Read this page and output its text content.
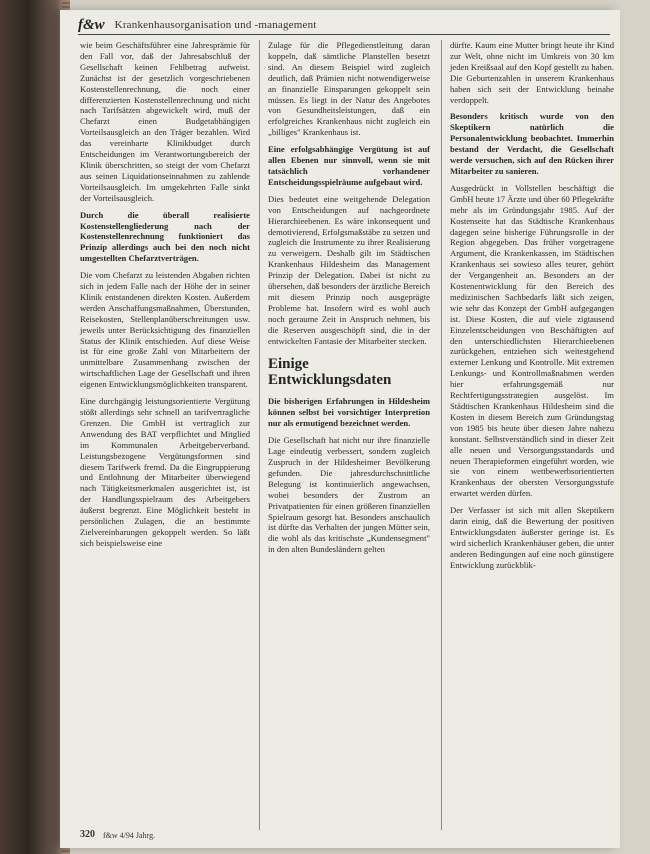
f&w Krankenhausorganisation und -management

wie beim Geschäftsführer eine Jahresprämie für den Fall vor, daß der Jahresabschluß der Gesellschaft keinen Fehlbetrag aufweist. Zunächst ist der gesetzlich vorgeschriebenen Kostenstellenrechnung, die noch einer differenzierten Kostenstellenrechnung und nicht nach Tarifsätzen abgewickelt wird, muß der Chefarzt einen Budgetabhängigen Vorteilsausgleich an den Träger bezahlen. Wird das vereinbarte Klinikbudget durch Entscheidungen im Verantwortungsbereich der Klinik überschritten, so steigt der vom Chefarzt aus seinen Liquidationseinnahmen zu zahlende Vorteilsausgleich. Im umgekehrten Falle sinkt der Vorteilsausgleich.

Durch die überall realisierte Kostenstellengliederung nach der Kostenstellenrechnung funktioniert das Prinzip allerdings auch bei den noch nicht umgestellten Chefarztverträgen.

Die vom Chefarzt zu leistenden Abgaben richten sich in jedem Falle nach der Höhe der in seiner Klinik entstandenen direkten Kosten. Außerdem werden Anschaffungsmaßnahmen, Überstunden, Reisekosten, Stellenplanüberschreitungen usw. jeweils unter Berücksichtigung des finanziellen Status der Klinik entschieden. Auf diese Weise ist für eine große Zahl von Mitarbeitern der unmittelbare Zusammenhang zwischen der wirtschaftlichen Lage der Gesellschaft und ihren eigenen Entwicklungsmöglichkeiten transparent.

Eine durchgängig leistungsorientierte Vergütung stößt allerdings sehr schnell an tarifvertragliche Grenzen. Die GmbH ist vertraglich zur Anwendung des BAT verpflichtet und Mitglied im Kommunalen Arbeitgeberverband. Leistungsbezogene Vergütungsformen sind diesem Tarifwerk fremd. Da die Eingruppierung und Entlohnung der Mitarbeiter überwiegend nach Tätigkeitsmerkmalen ausgerichtet ist, ist der Handlungsspielraum des Arbeitgebers äußerst begrenzt. Eine Möglichkeit besteht in persönlichen Zulagen, die an bestimmte Zielvereinbarungen gekoppelt werden. So läßt sich beispielsweise eine

Zulage für die Pflegedienstleitung daran koppeln, daß sämtliche Planstellen besetzt sind. An diesem Beispiel wird zugleich deutlich, daß Prämien nicht notwendigerweise an finanzielle Einsparungen gekoppelt sein müssen. Es liegt in der Natur des Angebotes von Gesundheitsleistungen, daß ein erfolgreiches Krankenhaus nicht zugleich ein „billiges" Krankenhaus ist.

Eine erfolgsabhängige Vergütung ist auf allen Ebenen nur sinnvoll, wenn sie mit tatsächlich vorhandener Entscheidungsspielräume aufgebaut wird.

Dies bedeutet eine weitgehende Delegation von Entscheidungen auf nachgeordnete Hierarchieebenen. Es wäre inkonsequent und demotivierend, Erfolgsmaßstäbe zu setzen und zugleich die Instrumente zu ihrer Realisierung zu verweigern. Deshalb gilt im Städtischen Krankenhaus Hildesheim das Management Prinzip der Delegation. Dabei ist nicht zu übersehen, daß besonders der ärztliche Bereich mit diesem Prinzip noch ausgeprägte Probleme hat. Insofern wird es wohl auch noch geraume Zeit in Anspruch nehmen, bis die Reserven ausgeschöpft sind, die in der entwickelten Fantasie der Mitarbeiter stecken.

Einige Entwicklungsdaten

Die bisherigen Erfahrungen in Hildesheim können selbst bei vorsichtiger Interpretion nur als ermutigend bezeichnet werden.

Die Gesellschaft hat nicht nur ihre finanzielle Lage eindeutig verbessert, sondern zugleich Zuspruch in der Hildesheimer Bevölkerung gefunden. Die jahresdurchschnittliche Belegung ist kontinuierlich angewachsen, wobei besonders der Zustrom an Privatpatienten für einen größeren finanziellen Spielraum gesorgt hat. Besonders anschaulich ist dürfte das Verhalten der jungen Mütter sein, die wohl als das kritischste „Kundensegment" in den alten Bundesländern gelten

dürfte. Kaum eine Mutter bringt heute ihr Kind zur Welt, ohne nicht im Umkreis von 30 km jeden Kreißsaal auf den Kopf gestellt zu haben. Die Geburtenzahlen in unserem Krankenhaus haben sich seit der Entwicklung beinahe verdoppelt.

Besonders kritisch wurde von den Skeptikern natürlich die Personalentwicklung beobachtet. Immerhin bestand der Verdacht, die Gesellschaft werde versuchen, sich auf den Rücken ihrer Mitarbeiter zu sanieren.

Ausgedrückt in Vollstellen beschäftigt die GmbH heute 17 Ärzte und über 60 Pflegekräfte mehr als im Gründungsjahr 1985. Auf der Kostenseite hat das Städtische Krankenhaus dagegen seine bisherige Führungsrolle in der Region abgegeben. Das früher vorgetragene Argument, die Krankenkassen, im Städtischen Krankenhaus sei sowieso alles teurer, gehört der Vergangenheit an. Besonders an der Kostenentwicklung für den Bereich des medizinischen Sachbedarfs läßt sich zeigen, wie sehr das Konzept der GmbH aufgegangen ist. Diese Kosten, die auf viele zigtausend Einzelentscheidungen von Beschäftigten auf den unterschiedlichsten Hierarchieebenen zurückgehen, entziehen sich weitestgehend externer Lenkung und Kontrolle. Mit extremen Lenkungs- und Kontrollmaßnahmen werden hier erfahrungsgemäß nur Rechtfertigungsstrategien ausgelöst. Im Städtischen Krankenhaus Hildesheim sind die Kosten in diesem Bereich zum Gründungstag von 1985 bis heute über diesen Jahre nahezu konstant. Selbstverständlich sind in dieser Zeit alle neuen und Versorgungsstandards und neuen Therapieformen eingeführt worden, wie sie von einem wettbewerbsorientierten Krankenhaus der obersten Versorgungsstufe erwartet werden dürfen.

Der Verfasser ist sich mit allen Skeptikern darin einig, daß die Bewertung der positiven Entwicklungsdaten äußerster geringe ist. Es wird sicherlich Krankenhäuser geben, die unter anderen Bedingungen auf eine noch günstigere Entwicklung zurückblik-

320 f&w 4/94 Jahrg.
